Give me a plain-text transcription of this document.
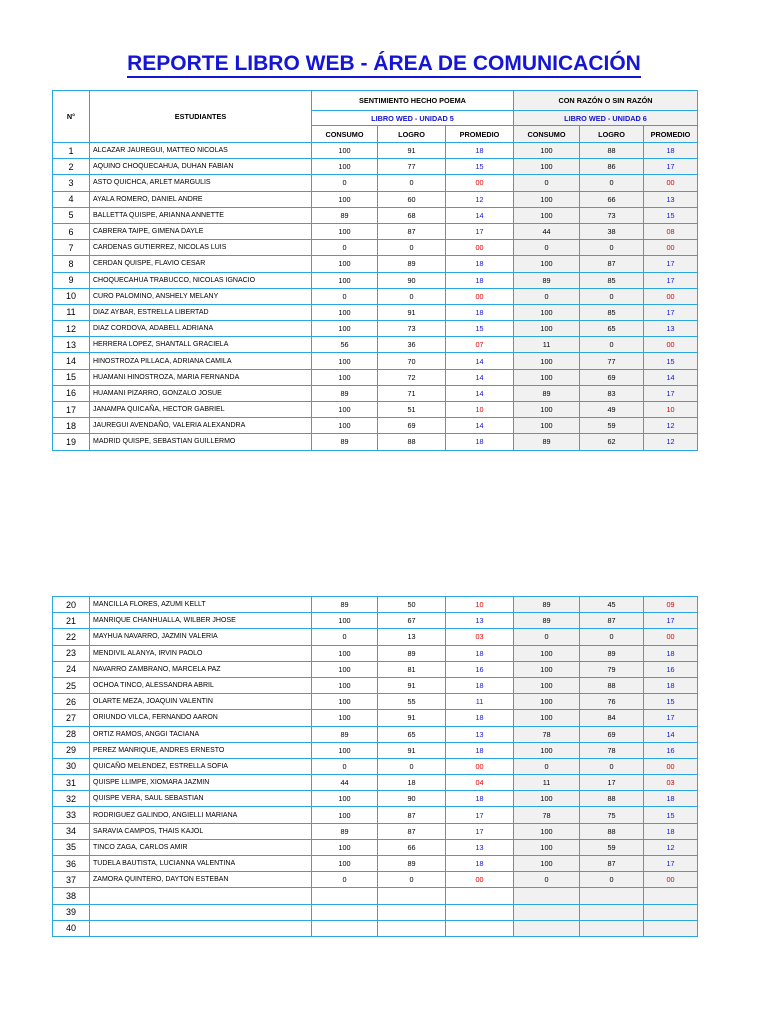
REPORTE LIBRO WEB - ÁREA DE COMUNICACIÓN
N°	ESTUDIANTES	SENTIMIENTO HECHO POEMA			CON RAZÓN O SIN RAZÓN		
		LIBRO WED - UNIDAD 5			LIBRO WED - UNIDAD 6		
		CONSUMO	LOGRO	PROMEDIO	CONSUMO	LOGRO	PROMEDIO
1	ALCAZAR JAUREGUI, MATTEO NICOLAS	100	91	18	100	88	18
2	AQUINO CHOQUECAHUA, DUHAN FABIAN	100	77	15	100	86	17
3	ASTO QUICHCA, ARLET MARGULIS	0	0	00	0	0	00
4	AYALA ROMERO, DANIEL ANDRE	100	60	12	100	66	13
5	BALLETTA QUISPE, ARIANNA ANNETTE	89	68	14	100	73	15
6	CABRERA TAIPE, GIMENA DAYLE	100	87	17	44	38	08
7	CARDENAS GUTIERREZ, NICOLAS LUIS	0	0	00	0	0	00
8	CERDAN QUISPE, FLAVIO CESAR	100	89	18	100	87	17
9	CHOQUECAHUA TRABUCCO, NICOLAS IGNACIO	100	90	18	89	85	17
10	CURO PALOMINO, ANSHELY MELANY	0	0	00	0	0	00
11	DIAZ AYBAR, ESTRELLA LIBERTAD	100	91	18	100	85	17
12	DIAZ CORDOVA, ADABELL ADRIANA	100	73	15	100	65	13
13	HERRERA LOPEZ, SHANTALL GRACIELA	56	36	07	11	0	00
14	HINOSTROZA PILLACA, ADRIANA CAMILA	100	70	14	100	77	15
15	HUAMANI HINOSTROZA, MARIA FERNANDA	100	72	14	100	69	14
16	HUAMANI PIZARRO, GONZALO JOSUE	89	71	14	89	83	17
17	JANAMPA QUICAÑA, HECTOR GABRIEL	100	51	10	100	49	10
18	JAUREGUI AVENDAÑO, VALERIA ALEXANDRA	100	69	14	100	59	12
19	MADRID QUISPE, SEBASTIAN GUILLERMO	89	88	18	89	62	12
20	MANCILLA FLORES, AZUMI KELLT	89	50	10	89	45	09
21	MANRIQUE CHANHUALLA, WILBER JHOSE	100	67	13	89	87	17
22	MAYHUA NAVARRO, JAZMIN VALERIA	0	13	03	0	0	00
23	MENDIVIL ALANYA, IRVIN PAOLO	100	89	18	100	89	18
24	NAVARRO ZAMBRANO, MARCELA PAZ	100	81	16	100	79	16
25	OCHOA TINCO, ALESSANDRA ABRIL	100	91	18	100	88	18
26	OLARTE MEZA, JOAQUIN VALENTIN	100	55	11	100	76	15
27	ORIUNDO VILCA, FERNANDO AARON	100	91	18	100	84	17
28	ORTIZ RAMOS, ANGGI TACIANA	89	65	13	78	69	14
29	PEREZ MANRIQUE, ANDRES ERNESTO	100	91	18	100	78	16
30	QUICAÑO MELENDEZ, ESTRELLA SOFIA	0	0	00	0	0	00
31	QUISPE LLIMPE, XIOMARA JAZMIN	44	18	04	11	17	03
32	QUISPE VERA, SAUL SEBASTIAN	100	90	18	100	88	18
33	RODRIGUEZ GALINDO, ANGIELLI MARIANA	100	87	17	78	75	15
34	SARAVIA CAMPOS, THAIS KAJOL	89	87	17	100	88	18
35	TINCO ZAGA, CARLOS AMIR	100	66	13	100	59	12
36	TUDELA BAUTISTA, LUCIANNA VALENTINA	100	89	18	100	87	17
37	ZAMORA QUINTERO, DAYTON ESTEBAN	0	0	00	0	0	00
38							
39							
40							
